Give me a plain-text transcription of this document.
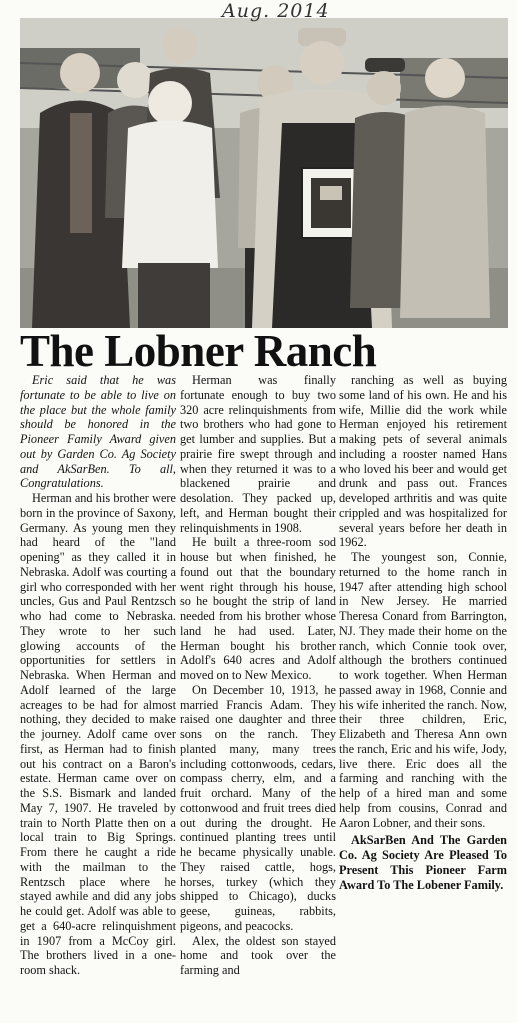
Aug. 2014
The Lobner Ranch

Eric said that he was fortunate to be able to live on the place but the whole family should be honored in the Pioneer Family Award given out by Garden Co. Ag Society and AkSarBen. To all, Congratulations.

Herman and his brother were born in the province of Saxony, Germany. As young men they had heard of the "land opening" as they called it in Nebraska. Adolf was courting a girl who corresponded with her uncles, Gus and Paul Rentzsch who had come to Nebraska. They wrote to her such glowing accounts of the opportunities for settlers in Nebraska. When Herman and Adolf learned of the large acreages to be had for almost nothing, they decided to make the journey. Adolf came over first, as Herman had to finish out his contract on a Baron's estate. Herman came over on the S.S. Bismark and landed May 7, 1907. He traveled by train to North Platte then on a local train to Big Springs. From there he caught a ride with the mailman to the Rentzsch place where he stayed awhile and did any jobs he could get. Adolf was able to get a 640-acre relinquishment in 1907 from a McCoy girl. The brothers lived in a one-room shack.

Herman was finally fortunate enough to buy two 320 acre relinquishments from two brothers who had gone to get lumber and supplies. But a prairie fire swept through and when they returned it was to a blackened prairie and desolation. They packed up, left, and Herman bought their relinquishments in 1908.

He built a three-room sod house but when finished, he found out that the boundary went right through his house, so he bought the strip of land needed from his brother whose land he had used. Later, Herman bought his brother Adolf's 640 acres and Adolf moved on to New Mexico.

On December 10, 1913, he married Francis Adam. They raised one daughter and three sons on the ranch. They planted many, many trees including cottonwoods, cedars, compass cherry, elm, and a fruit orchard. Many of the cottonwood and fruit trees died out during the drought. He continued planting trees until he became physically unable. They raised cattle, hogs, horses, turkey (which they shipped to Chicago), ducks geese, guineas, rabbits, pigeons, and peacocks.

Alex, the oldest son stayed home and took over the farming and

ranching as well as buying some land of his own. He and his wife, Millie did the work while Herman enjoyed his retirement making pets of several animals including a rooster named Hans who loved his beer and would get drunk and pass out. Frances developed arthritis and was quite crippled and was hospitalized for several years before her death in 1962.

The youngest son, Connie, returned to the home ranch in 1947 after attending high school in New Jersey. He married Theresa Conard from Barrington, NJ. They made their home on the ranch, which Connie took over, although the brothers continued to work together. When Herman passed away in 1968, Connie and his wife inherited the ranch. Now, their three children, Eric, Elizabeth and Theresa Ann own the ranch, Eric and his wife, Jody, live there. Eric does all the farming and ranching with the help of a hired man and some help from cousins, Conrad and Aaron Lobner, and their sons.

AkSarBen And The Garden Co. Ag Society Are Pleased To Present This Pioneer Farm Award To The Lobener Family.
